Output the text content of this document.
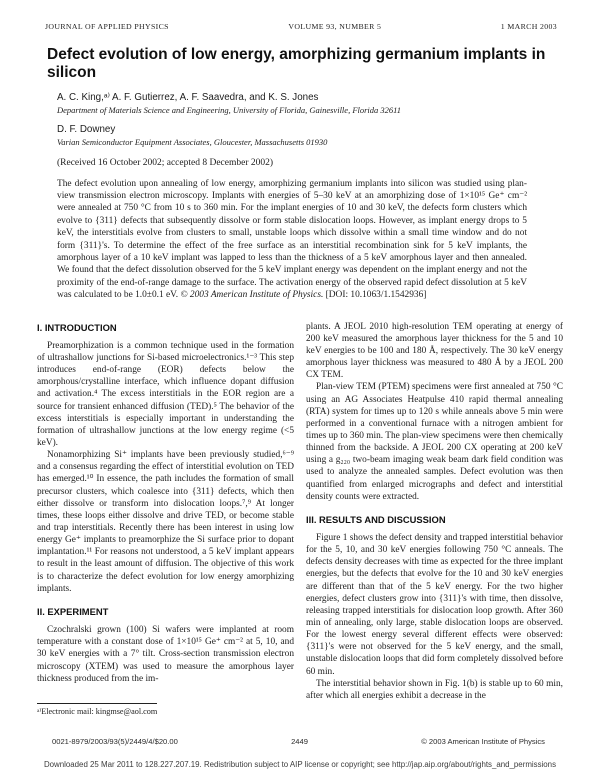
JOURNAL OF APPLIED PHYSICS	VOLUME 93, NUMBER 5	1 MARCH 2003
Defect evolution of low energy, amorphizing germanium implants in silicon
A. C. King,ᵃ⁾ A. F. Gutierrez, A. F. Saavedra, and K. S. Jones
Department of Materials Science and Engineering, University of Florida, Gainesville, Florida 32611
D. F. Downey
Varian Semiconductor Equipment Associates, Gloucester, Massachusetts 01930
(Received 16 October 2002; accepted 8 December 2002)

The defect evolution upon annealing of low energy, amorphizing germanium implants into silicon was studied using plan-view transmission electron microscopy. Implants with energies of 5–30 keV at an amorphizing dose of 1×10¹⁵ Ge⁺ cm⁻² were annealed at 750 °C from 10 s to 360 min. For the implant energies of 10 and 30 keV, the defects form clusters which evolve to {311} defects that subsequently dissolve or form stable dislocation loops. However, as implant energy drops to 5 keV, the interstitials evolve from clusters to small, unstable loops which dissolve within a small time window and do not form {311}'s. To determine the effect of the free surface as an interstitial recombination sink for 5 keV implants, the amorphous layer of a 10 keV implant was lapped to less than the thickness of a 5 keV amorphous layer and then annealed. We found that the defect dissolution observed for the 5 keV implant energy was dependent on the implant energy and not the proximity of the end-of-range damage to the surface. The activation energy of the observed rapid defect dissolution at 5 keV was calculated to be 1.0±0.1 eV. © 2003 American Institute of Physics. [DOI: 10.1063/1.1542936]

I. INTRODUCTION

Preamorphization is a common technique used in the formation of ultrashallow junctions for Si-based microelectronics.¹⁻³ This step introduces end-of-range (EOR) defects below the amorphous/crystalline interface, which influence dopant diffusion and activation.⁴ The excess interstitials in the EOR region are a source for transient enhanced diffusion (TED).⁵ The behavior of the excess interstitials is especially important in understanding the formation of ultrashallow junctions at the low energy regime (<5 keV).

Nonamorphizing Si⁺ implants have been previously studied,⁶⁻⁹ and a consensus regarding the effect of interstitial evolution on TED has emerged.¹⁰ In essence, the path includes the formation of small precursor clusters, which coalesce into {311} defects, which then either dissolve or transform into dislocation loops.⁷,⁹ At longer times, these loops either dissolve and drive TED, or become stable and trap interstitials. Recently there has been interest in using low energy Ge⁺ implants to preamorphize the Si surface prior to dopant implantation.¹¹ For reasons not understood, a 5 keV implant appears to result in the least amount of diffusion. The objective of this work is to characterize the defect evolution for low energy amorphizing implants.

II. EXPERIMENT

Czochralski grown (100) Si wafers were implanted at room temperature with a constant dose of 1×10¹⁵ Ge⁺ cm⁻² at 5, 10, and 30 keV energies with a 7° tilt. Cross-section transmission electron microscopy (XTEM) was used to measure the amorphous layer thickness produced from the im-

ᵃ⁾Electronic mail: kingmse@aol.com

plants. A JEOL 2010 high-resolution TEM operating at energy of 200 keV measured the amorphous layer thickness for the 5 and 10 keV energies to be 100 and 180 Å, respectively. The 30 keV energy amorphous layer thickness was measured to 480 Å by a JEOL 200 CX TEM.

Plan-view TEM (PTEM) specimens were first annealed at 750 °C using an AG Associates Heatpulse 410 rapid thermal annealing (RTA) system for times up to 120 s while anneals above 5 min were performed in a conventional furnace with a nitrogen ambient for times up to 360 min. The plan-view specimens were then chemically thinned from the backside. A JEOL 200 CX operating at 200 keV using a g₂₂₀ two-beam imaging weak beam dark field condition was used to analyze the annealed samples. Defect evolution was then quantified from enlarged micrographs and defect and interstitial density counts were extracted.

III. RESULTS AND DISCUSSION

Figure 1 shows the defect density and trapped interstitial behavior for the 5, 10, and 30 keV energies following 750 °C anneals. The defects density decreases with time as expected for the three implant energies, but the defects that evolve for the 10 and 30 keV energies are different than that of the 5 keV energy. For the two higher energies, defect clusters grow into {311}'s with time, then dissolve, releasing trapped interstitials for dislocation loop growth. After 360 min of annealing, only large, stable dislocation loops are observed. For the lowest energy several different effects were observed: {311}'s were not observed for the 5 keV energy, and the small, unstable dislocation loops that did form completely dissolved before 60 min.

The interstitial behavior shown in Fig. 1(b) is stable up to 60 min, after which all energies exhibit a decrease in the

0021-8979/2003/93(5)/2449/4/$20.00	2449	© 2003 American Institute of Physics
Downloaded 25 Mar 2011 to 128.227.207.19. Redistribution subject to AIP license or copyright; see http://jap.aip.org/about/rights_and_permissions
